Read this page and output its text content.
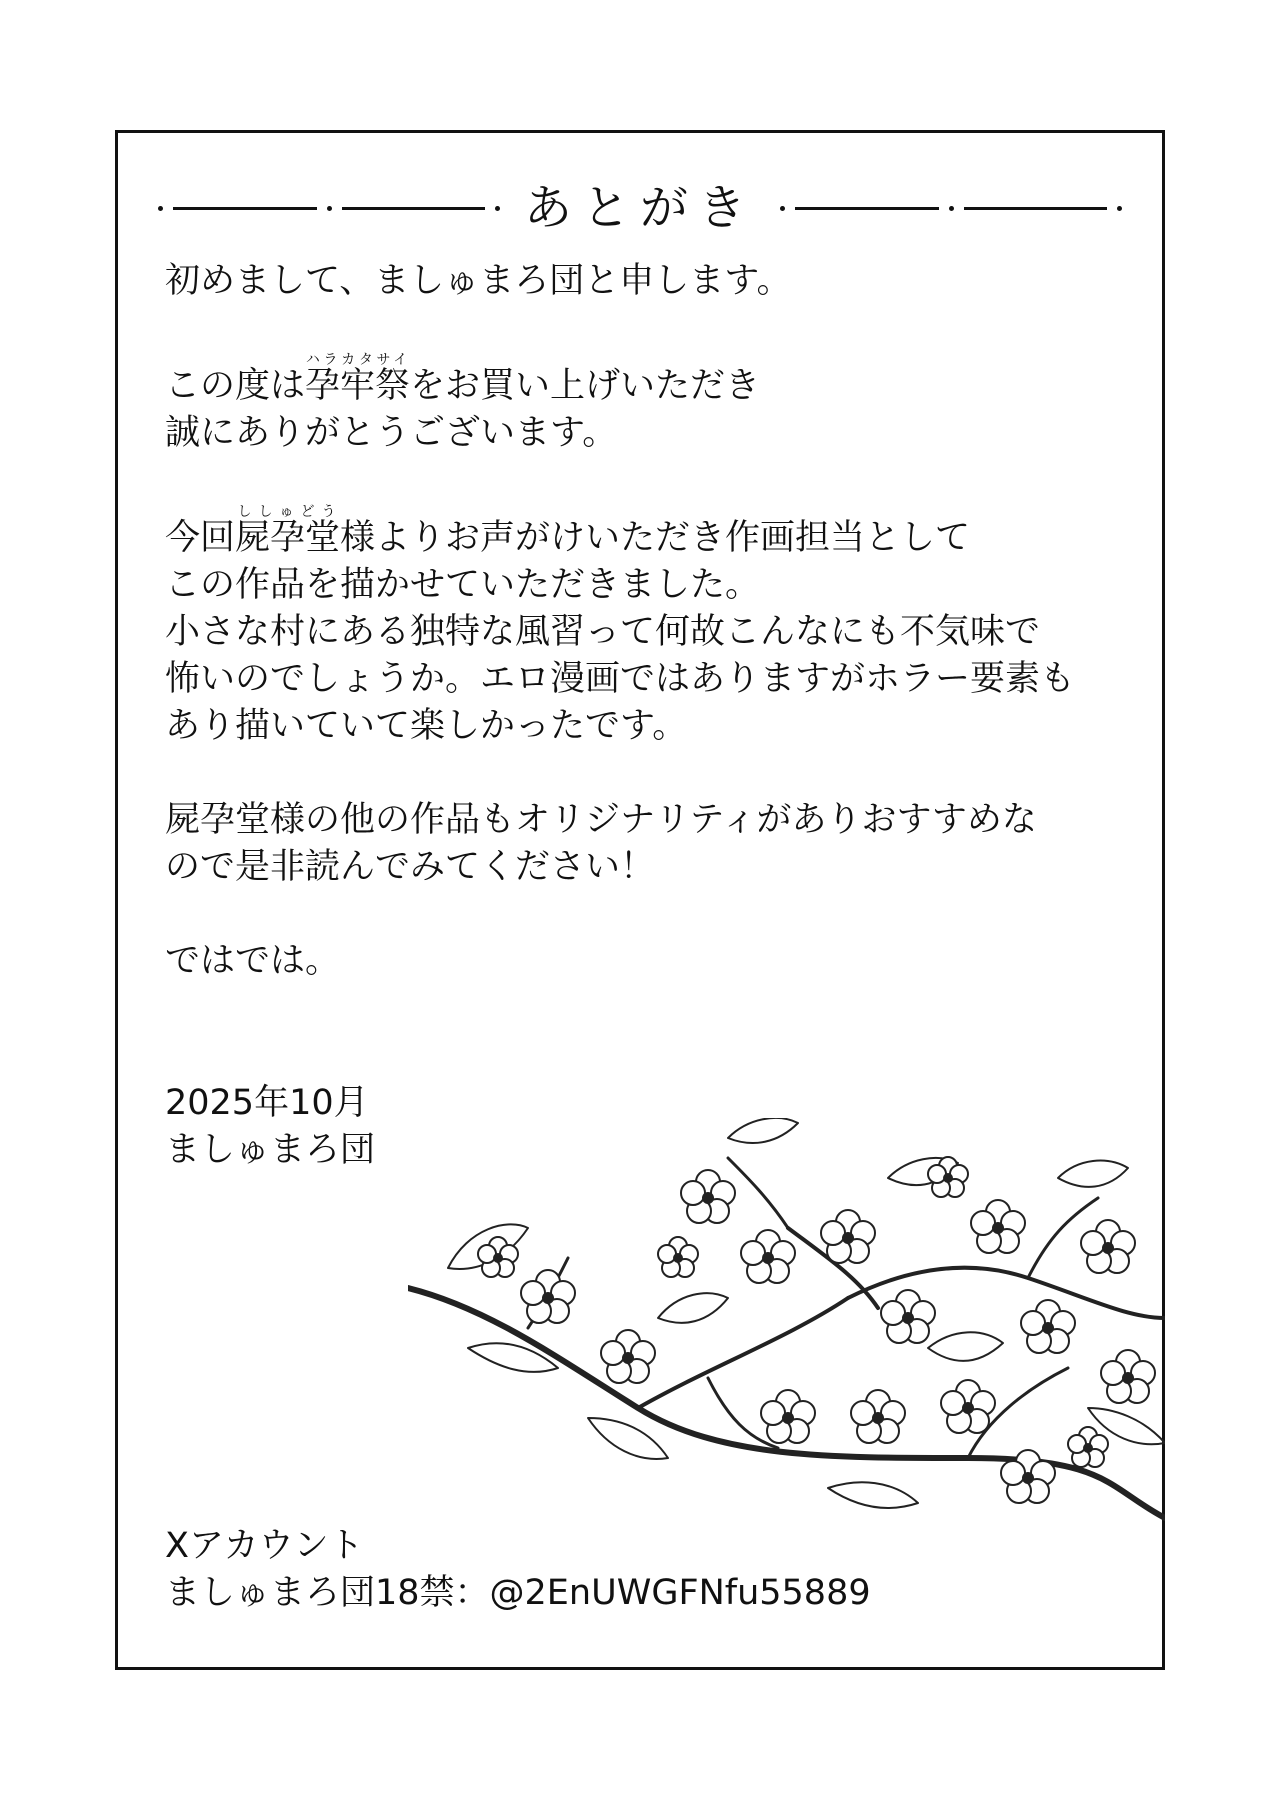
あとがき

初めまして、ましゅまろ団と申します。

この度は孕牢祭ハラカタサイをお買い上げいただき
誠にありがとうございます。

今回屍孕堂ししゅどう様よりお声がけいただき作画担当として
この作品を描かせていただきました。
小さな村にある独特な風習って何故こんなにも不気味で
怖いのでしょうか。エロ漫画ではありますがホラー要素も
あり描いていて楽しかったです。

屍孕堂様の他の作品もオリジナリティがありおすすめな
ので是非読んでみてください！

ではでは。

2025年10月
ましゅまろ団
Xアカウント
ましゅまろ団18禁：@2EnUWGFNfu55889
